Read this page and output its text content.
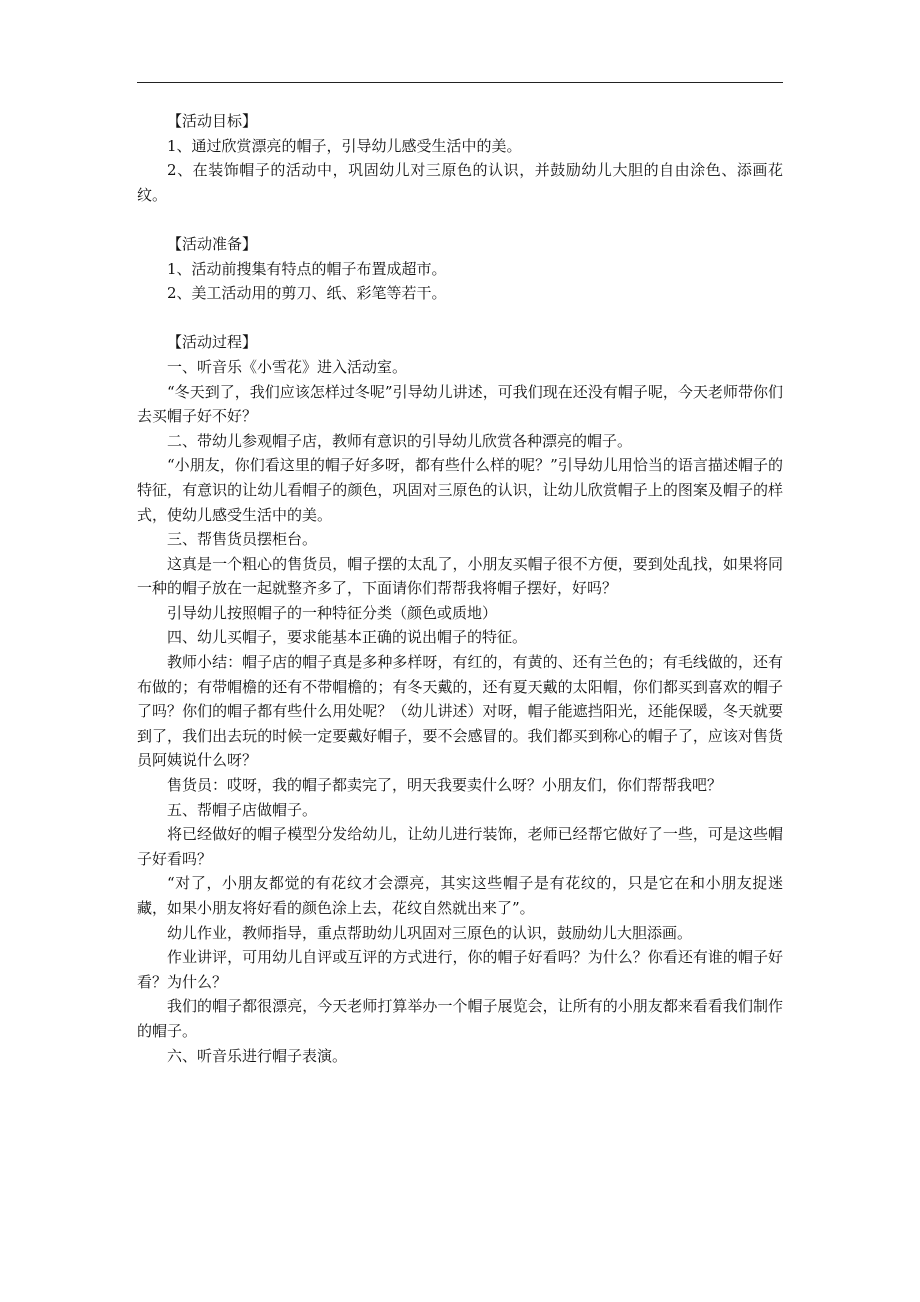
【活动目标】

1、通过欣赏漂亮的帽子，引导幼儿感受生活中的美。

2、在装饰帽子的活动中，巩固幼儿对三原色的认识，并鼓励幼儿大胆的自由涂色、添画花纹。

【活动准备】

1、活动前搜集有特点的帽子布置成超市。

2、美工活动用的剪刀、纸、彩笔等若干。

【活动过程】

一、听音乐《小雪花》进入活动室。

“冬天到了，我们应该怎样过冬呢”引导幼儿讲述，可我们现在还没有帽子呢，今天老师带你们去买帽子好不好？

二、带幼儿参观帽子店，教师有意识的引导幼儿欣赏各种漂亮的帽子。

“小朋友，你们看这里的帽子好多呀，都有些什么样的呢？”引导幼儿用恰当的语言描述帽子的特征，有意识的让幼儿看帽子的颜色，巩固对三原色的认识，让幼儿欣赏帽子上的图案及帽子的样式，使幼儿感受生活中的美。

三、帮售货员摆柜台。

这真是一个粗心的售货员，帽子摆的太乱了，小朋友买帽子很不方便，要到处乱找，如果将同一种的帽子放在一起就整齐多了，下面请你们帮帮我将帽子摆好，好吗？

引导幼儿按照帽子的一种特征分类（颜色或质地）

四、幼儿买帽子，要求能基本正确的说出帽子的特征。

教师小结：帽子店的帽子真是多种多样呀，有红的，有黄的、还有兰色的；有毛线做的，还有布做的；有带帽檐的还有不带帽檐的；有冬天戴的，还有夏天戴的太阳帽，你们都买到喜欢的帽子了吗？你们的帽子都有些什么用处呢？（幼儿讲述）对呀，帽子能遮挡阳光，还能保暖，冬天就要到了，我们出去玩的时候一定要戴好帽子，要不会感冒的。我们都买到称心的帽子了，应该对售货员阿姨说什么呀？

售货员：哎呀，我的帽子都卖完了，明天我要卖什么呀？小朋友们，你们帮帮我吧？

五、帮帽子店做帽子。

将已经做好的帽子模型分发给幼儿，让幼儿进行装饰，老师已经帮它做好了一些，可是这些帽子好看吗？

“对了，小朋友都觉的有花纹才会漂亮，其实这些帽子是有花纹的，只是它在和小朋友捉迷藏，如果小朋友将好看的颜色涂上去，花纹自然就出来了”。

幼儿作业，教师指导，重点帮助幼儿巩固对三原色的认识，鼓励幼儿大胆添画。

作业讲评，可用幼儿自评或互评的方式进行，你的帽子好看吗？为什么？你看还有谁的帽子好看？为什么？

我们的帽子都很漂亮，今天老师打算举办一个帽子展览会，让所有的小朋友都来看看我们制作的帽子。

六、听音乐进行帽子表演。
